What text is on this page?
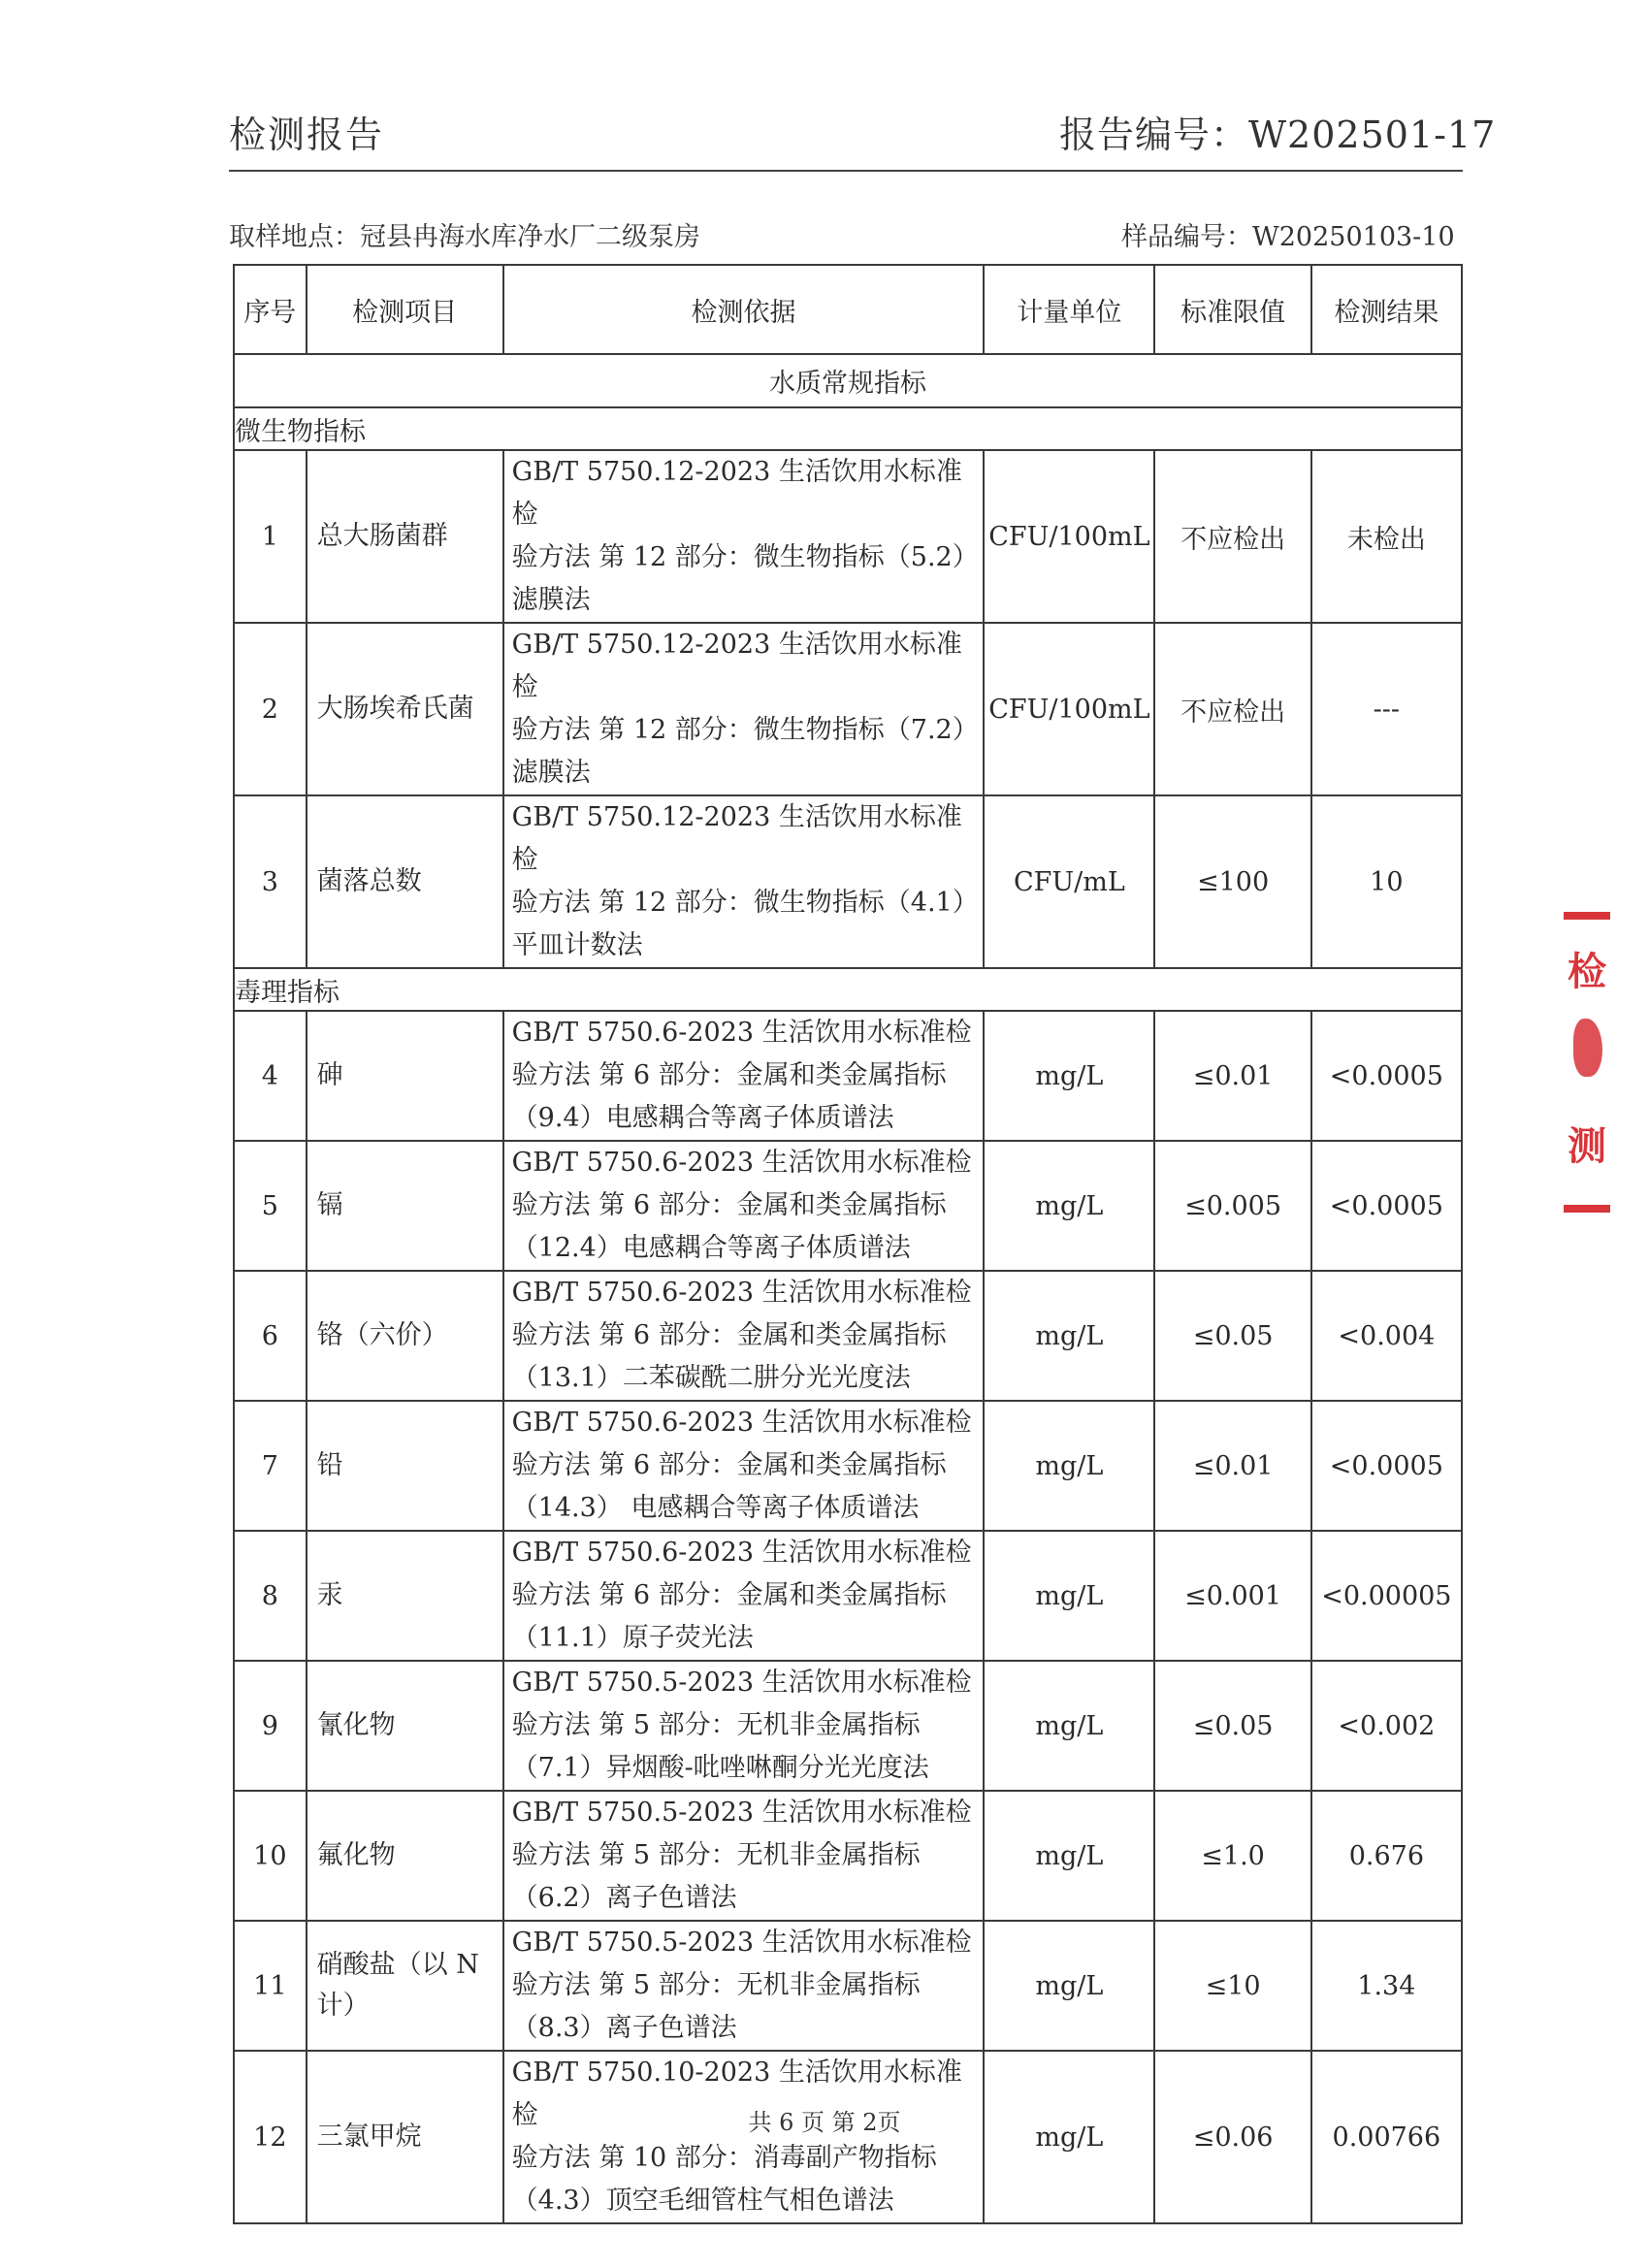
检测报告	报告编号：W202501-17
取样地点：冠县冉海水库净水厂二级泵房	样品编号：W20250103-10
序号	检测项目	检测依据	计量单位	标准限值	检测结果
水质常规指标					
微生物指标					
1	总大肠菌群	GB/T 5750.12-2023 生活饮用水标准检
验方法 第 12 部分：微生物指标（5.2）
滤膜法	CFU/100mL	不应检出	未检出
2	大肠埃希氏菌	GB/T 5750.12-2023 生活饮用水标准检
验方法 第 12 部分：微生物指标（7.2）
滤膜法	CFU/100mL	不应检出	---
3	菌落总数	GB/T 5750.12-2023 生活饮用水标准检
验方法 第 12 部分：微生物指标（4.1）
平皿计数法	CFU/mL	≤100	10
毒理指标					
4	砷	GB/T 5750.6-2023 生活饮用水标准检
验方法 第 6 部分：金属和类金属指标
（9.4）电感耦合等离子体质谱法	mg/L	≤0.01	<0.0005
5	镉	GB/T 5750.6-2023 生活饮用水标准检
验方法 第 6 部分：金属和类金属指标
（12.4）电感耦合等离子体质谱法	mg/L	≤0.005	<0.0005
6	铬（六价）	GB/T 5750.6-2023 生活饮用水标准检
验方法 第 6 部分：金属和类金属指标
（13.1）二苯碳酰二肼分光光度法	mg/L	≤0.05	<0.004
7	铅	GB/T 5750.6-2023 生活饮用水标准检
验方法 第 6 部分：金属和类金属指标
（14.3） 电感耦合等离子体质谱法	mg/L	≤0.01	<0.0005
8	汞	GB/T 5750.6-2023 生活饮用水标准检
验方法 第 6 部分：金属和类金属指标
（11.1）原子荧光法	mg/L	≤0.001	<0.00005
9	氰化物	GB/T 5750.5-2023 生活饮用水标准检
验方法 第 5 部分：无机非金属指标
（7.1）异烟酸-吡唑啉酮分光光度法	mg/L	≤0.05	<0.002
10	氟化物	GB/T 5750.5-2023 生活饮用水标准检
验方法 第 5 部分：无机非金属指标
（6.2）离子色谱法	mg/L	≤1.0	0.676
11	硝酸盐（以 N 计）	GB/T 5750.5-2023 生活饮用水标准检
验方法 第 5 部分：无机非金属指标
（8.3）离子色谱法	mg/L	≤10	1.34
12	三氯甲烷	GB/T 5750.10-2023 生活饮用水标准检
验方法 第 10 部分：消毒副产物指标
（4.3）顶空毛细管柱气相色谱法	mg/L	≤0.06	0.00766
共 6 页 第 2页
检
测
